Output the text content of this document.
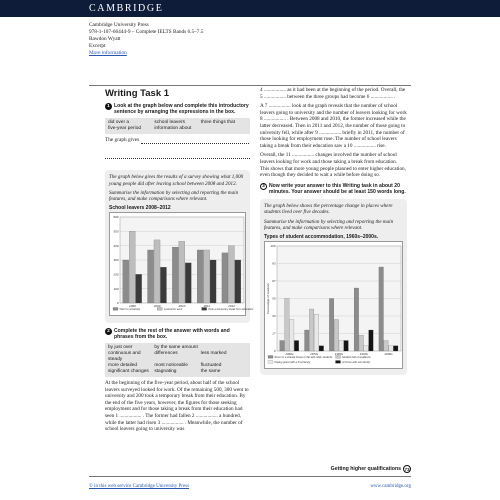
CAMBRIDGE
Cambridge University Press
978-1-107-66444-9 – Complete IELTS Bands 6.5–7.5
Rawdon Wyatt
Excerpt
More information
Writing Task 1
1 Look at the graph below and complete this introductory sentence by arranging the expressions in the box.
did over a	school leavers	three things that
five-year period	information about
The graph gives

The graph below gives the results of a survey showing what 1,000 young people did after leaving school between 2008 and 2012.

Summarise the information by selecting and reporting the main features, and make comparisons where relevant.

School leavers 2008–2012
0
100
200
300
400
500
600
2008	2009	2010	2011	2012
Went to university	Looked for work	Took a temporary break from education
2 Complete the rest of the answer with words and phrases from the box.
by just over	by the same amount
continuous and steady
differences	less marked
more detailed	most noticeable	fluctuated
significant changes	stagnating	the same

At the beginning of the five-year period, about half of the school leavers surveyed looked for work. Of the remaining 500, 300 went to university and 200 took a temporary break from their education. By the end of the five years, however, the figures for those seeking employment and for those taking a break from their education had seen 1 ................. . The former had fallen 2 ................. a hundred, while the latter had risen 3 ................. . Meanwhile, the number of school leavers going to university was

4 ................. as it had been at the beginning of the period. Overall, the 5 ................. between the three groups had become 6 ................. .

A 7 ................. look at the graph reveals that the number of school leavers going to university and the number of leavers looking for work 8 ................. . Between 2008 and 2010, the former increased while the latter decreased. Then in 2011 and 2012, the number of those going to university fell, while after 9 ................. briefly in 2011, the number of those looking for employment rose. The number of school leavers taking a break from their education saw a 10 ................. rise.

Overall, the 11 ................. changes involved the number of school leavers looking for work and those taking a break from education. This shows that more young people planned to enter higher education, even though they decided to wait a while before doing so.

3 Now write your answer to this Writing task in about 20 minutes. Your answer should be at least 150 words long.

The graph below shows the percentage change in places where students lived over five decades.

Summarise the information by selecting and reporting the main features, and make comparisons where relevant.

Types of student accommodation, 1960s–2000s.
0
17
33
50
67
83
100
Percentage of students
1960s	1970s	1980s	1990s	2000s
Room in a shared house or flat with other students	Student hall of residence
Paying guest with a host family	At home with own family
Getting higher qualifications 73
© in this web service Cambridge University Press	www.cambridge.org
